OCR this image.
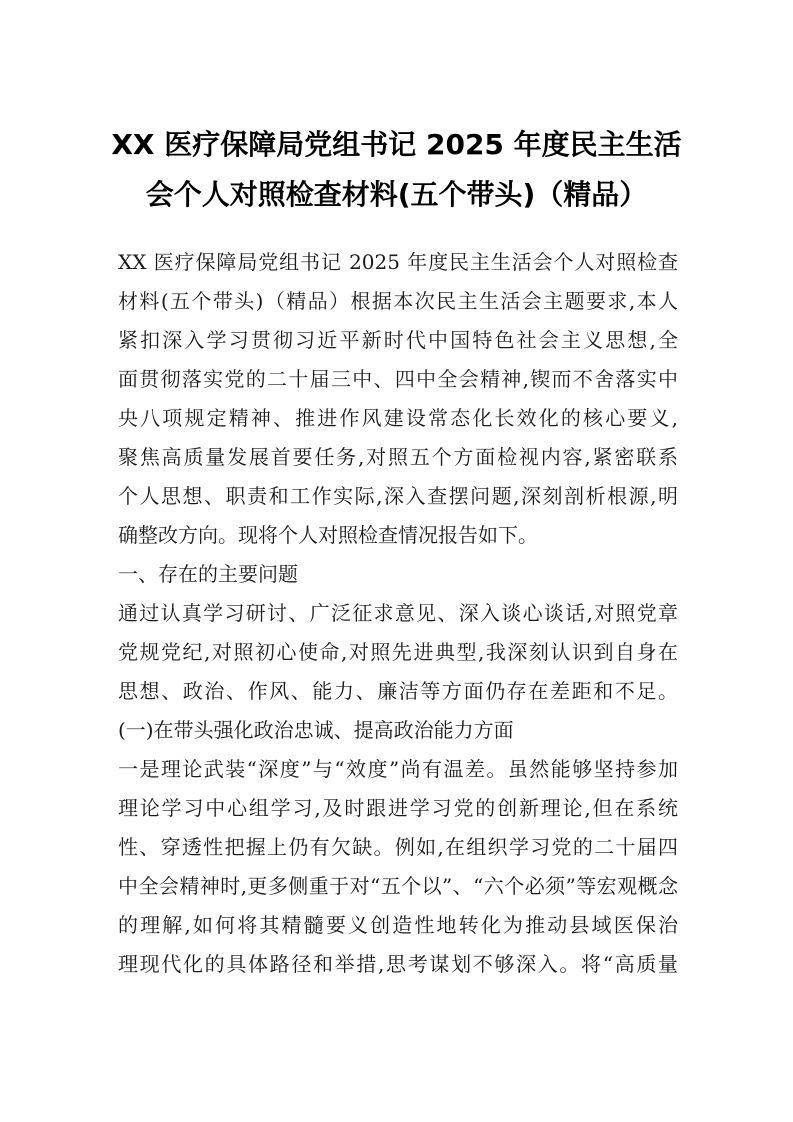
XX 医疗保障局党组书记 2025 年度民主生活
会个人对照检查材料(五个带头)（精品）
XX 医疗保障局党组书记 2025 年度民主生活会个人对照检查
材料(五个带头)（精品）根据本次民主生活会主题要求,本人
紧扣深入学习贯彻习近平新时代中国特色社会主义思想,全
面贯彻落实党的二十届三中、四中全会精神,锲而不舍落实中
央八项规定精神、推进作风建设常态化长效化的核心要义,
聚焦高质量发展首要任务,对照五个方面检视内容,紧密联系
个人思想、职责和工作实际,深入查摆问题,深刻剖析根源,明
确整改方向。现将个人对照检查情况报告如下。
一、存在的主要问题
通过认真学习研讨、广泛征求意见、深入谈心谈话,对照党章
党规党纪,对照初心使命,对照先进典型,我深刻认识到自身在
思想、政治、作风、能力、廉洁等方面仍存在差距和不足。
(一)在带头强化政治忠诚、提高政治能力方面
一是理论武装“深度”与“效度”尚有温差。虽然能够坚持参加
理论学习中心组学习,及时跟进学习党的创新理论,但在系统
性、穿透性把握上仍有欠缺。例如,在组织学习党的二十届四
中全会精神时,更多侧重于对“五个以”、“六个必须”等宏观概念
的理解,如何将其精髓要义创造性地转化为推动县域医保治
理现代化的具体路径和举措,思考谋划不够深入。将“高质量
